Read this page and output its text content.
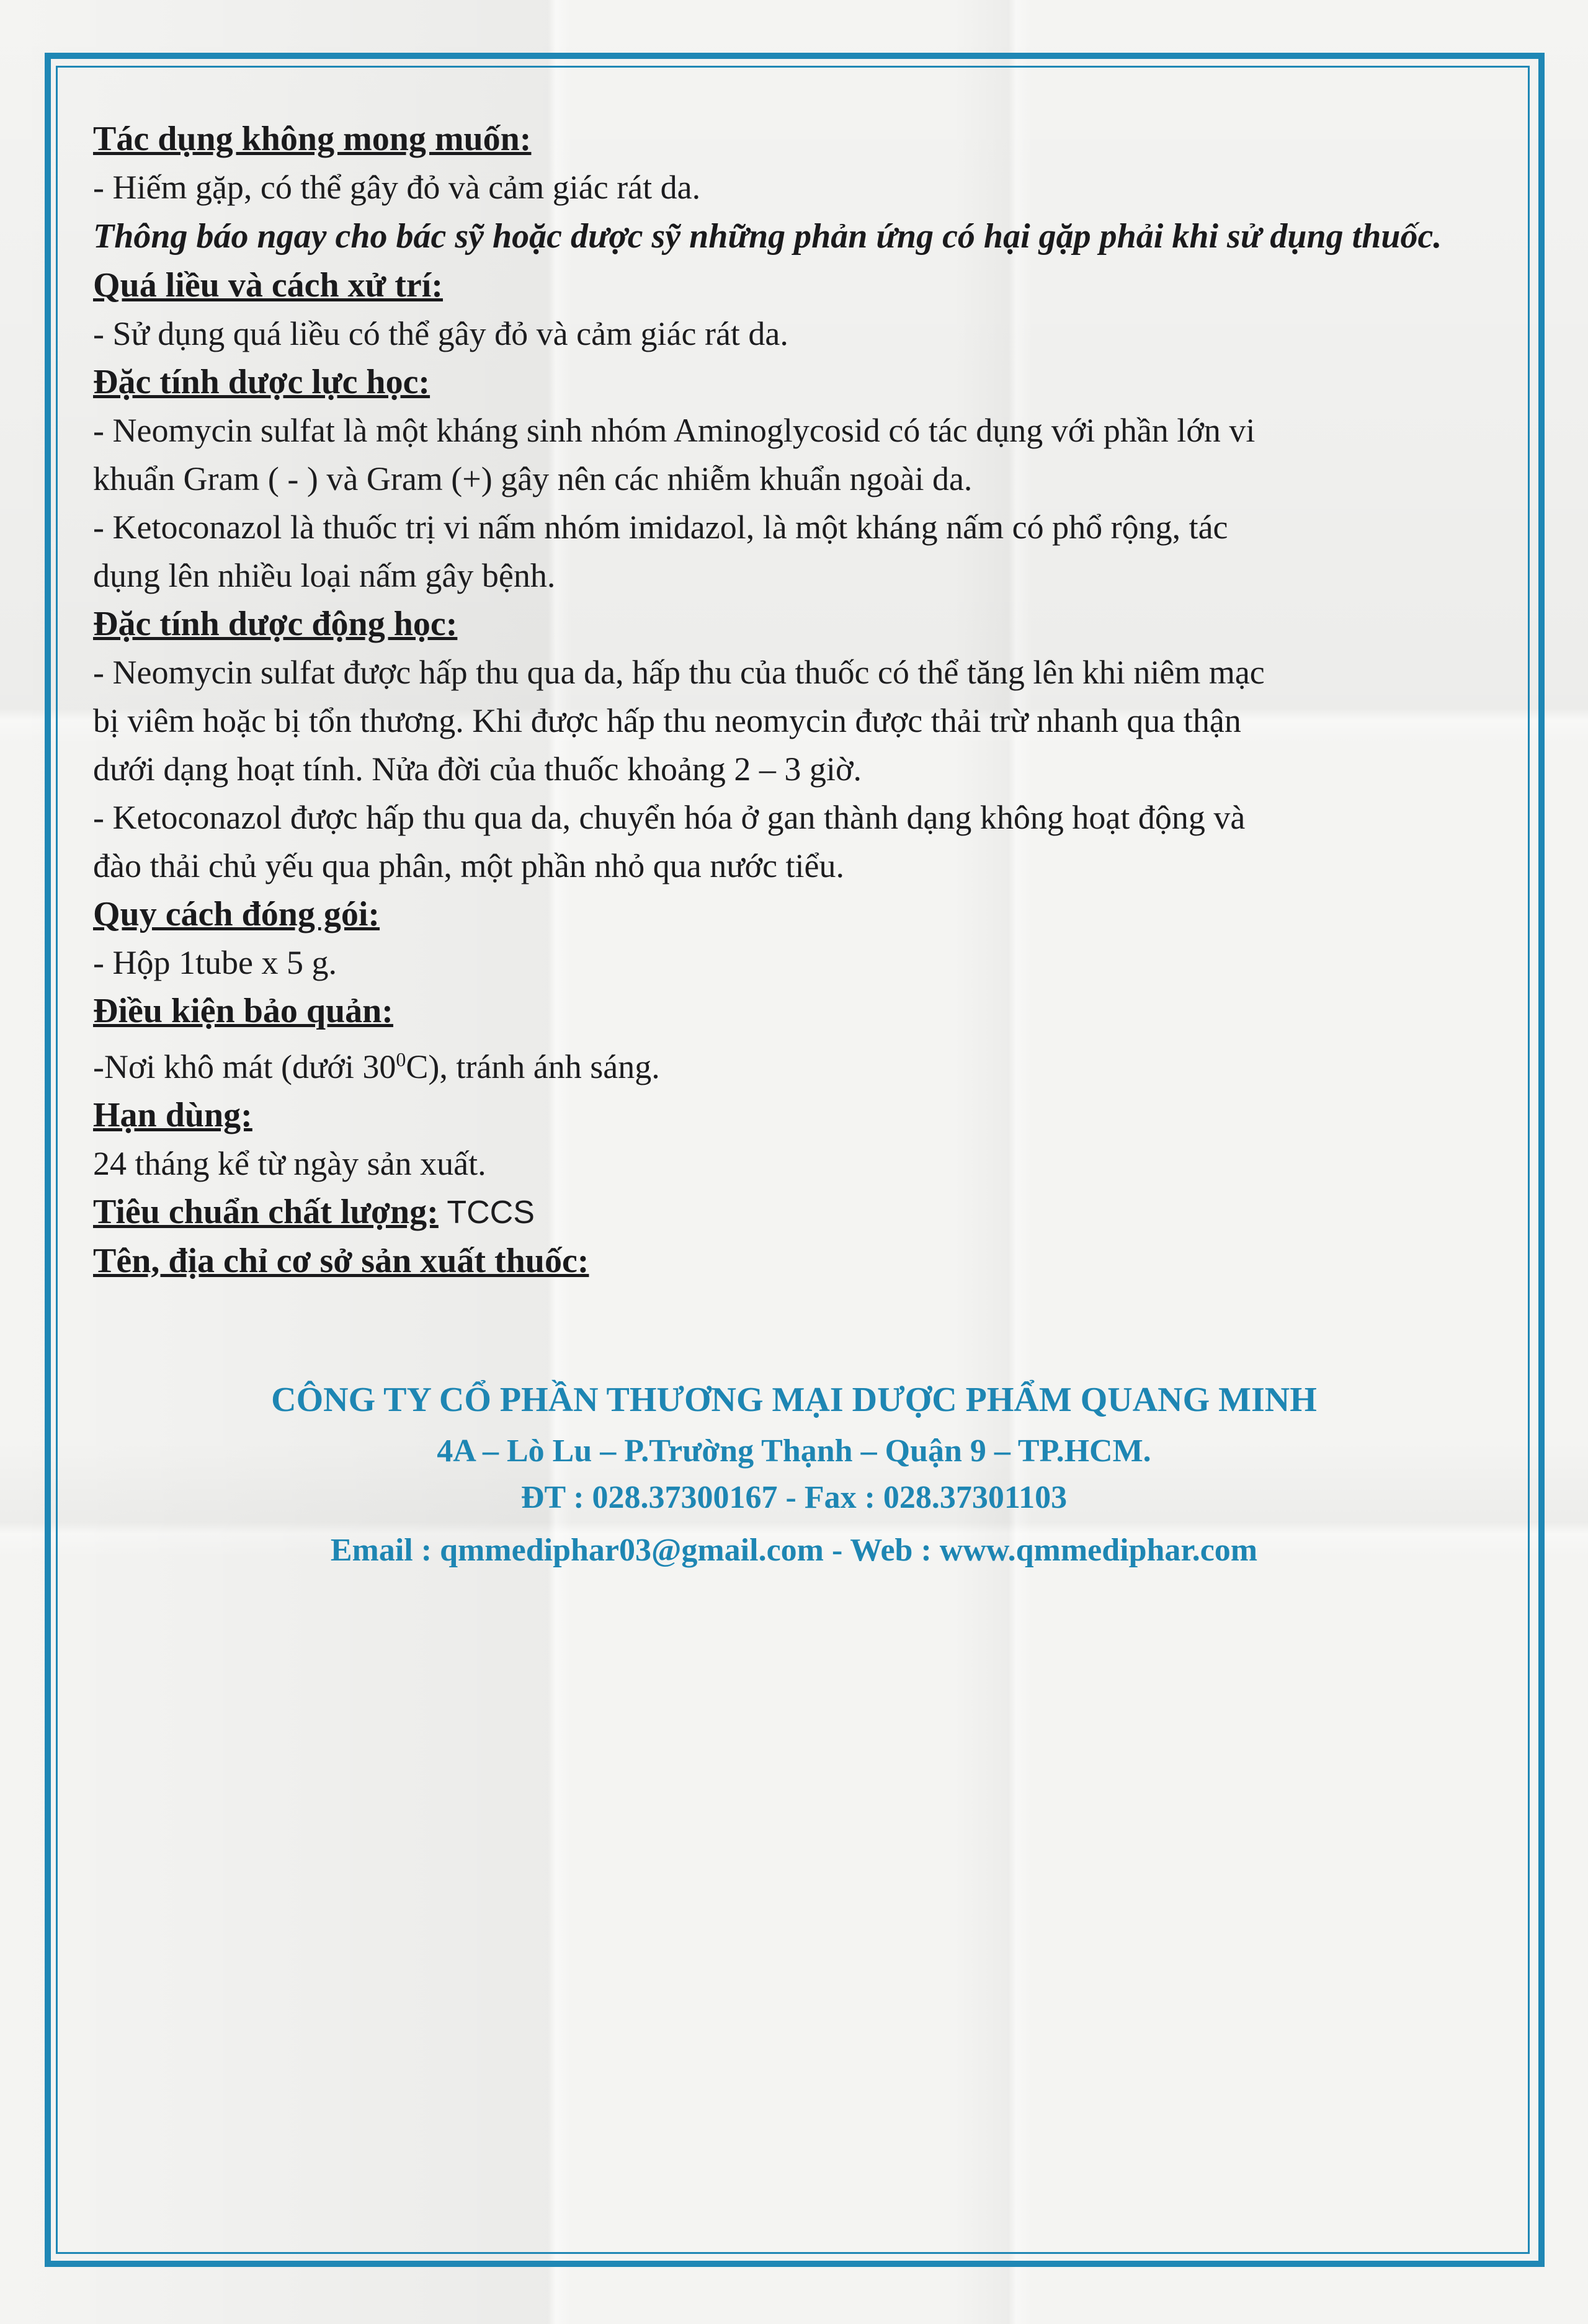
Tác dụng không mong muốn:
- Hiếm gặp, có thể gây đỏ và cảm giác rát da.
Thông báo ngay cho bác sỹ hoặc dược sỹ những phản ứng có hại gặp phải khi sử dụng thuốc.
Quá liều và cách xử trí:
- Sử dụng quá liều có thể gây đỏ và cảm giác rát da.
Đặc tính dược lực học:
- Neomycin sulfat là một kháng sinh nhóm Aminoglycosid có tác dụng với phần lớn vi
khuẩn Gram ( - ) và Gram (+) gây nên các nhiễm khuẩn ngoài da.
- Ketoconazol là thuốc trị vi nấm nhóm imidazol, là một kháng nấm có phổ rộng, tác
dụng lên nhiều loại nấm gây bệnh.
Đặc tính dược động học:
- Neomycin sulfat được hấp thu qua da, hấp thu của thuốc có thể tăng lên khi niêm mạc
bị viêm hoặc bị tổn thương. Khi được hấp thu neomycin được thải trừ nhanh qua thận
dưới dạng hoạt tính. Nửa đời của thuốc khoảng 2 – 3 giờ.
- Ketoconazol được hấp thu qua da, chuyển hóa ở gan thành dạng không hoạt động và
đào thải chủ yếu qua phân, một phần nhỏ qua nước tiểu.
Quy cách đóng gói:
- Hộp 1tube x 5 g.
Điều kiện bảo quản:
-Nơi khô mát (dưới $30^0C$), tránh ánh sáng.
Hạn dùng:
24 tháng kể từ ngày sản xuất.
Tiêu chuẩn chất lượng: TCCS
Tên, địa chỉ cơ sở sản xuất thuốc:
CÔNG TY CỔ PHẦN THƯƠNG MẠI DƯỢC PHẨM QUANG MINH
4A – Lò Lu – P.Trường Thạnh – Quận 9 – TP.HCM.
ĐT : 028.37300167 - Fax : 028.37301103
Email : qmmediphar03@gmail.com - Web : www.qmmediphar.com
